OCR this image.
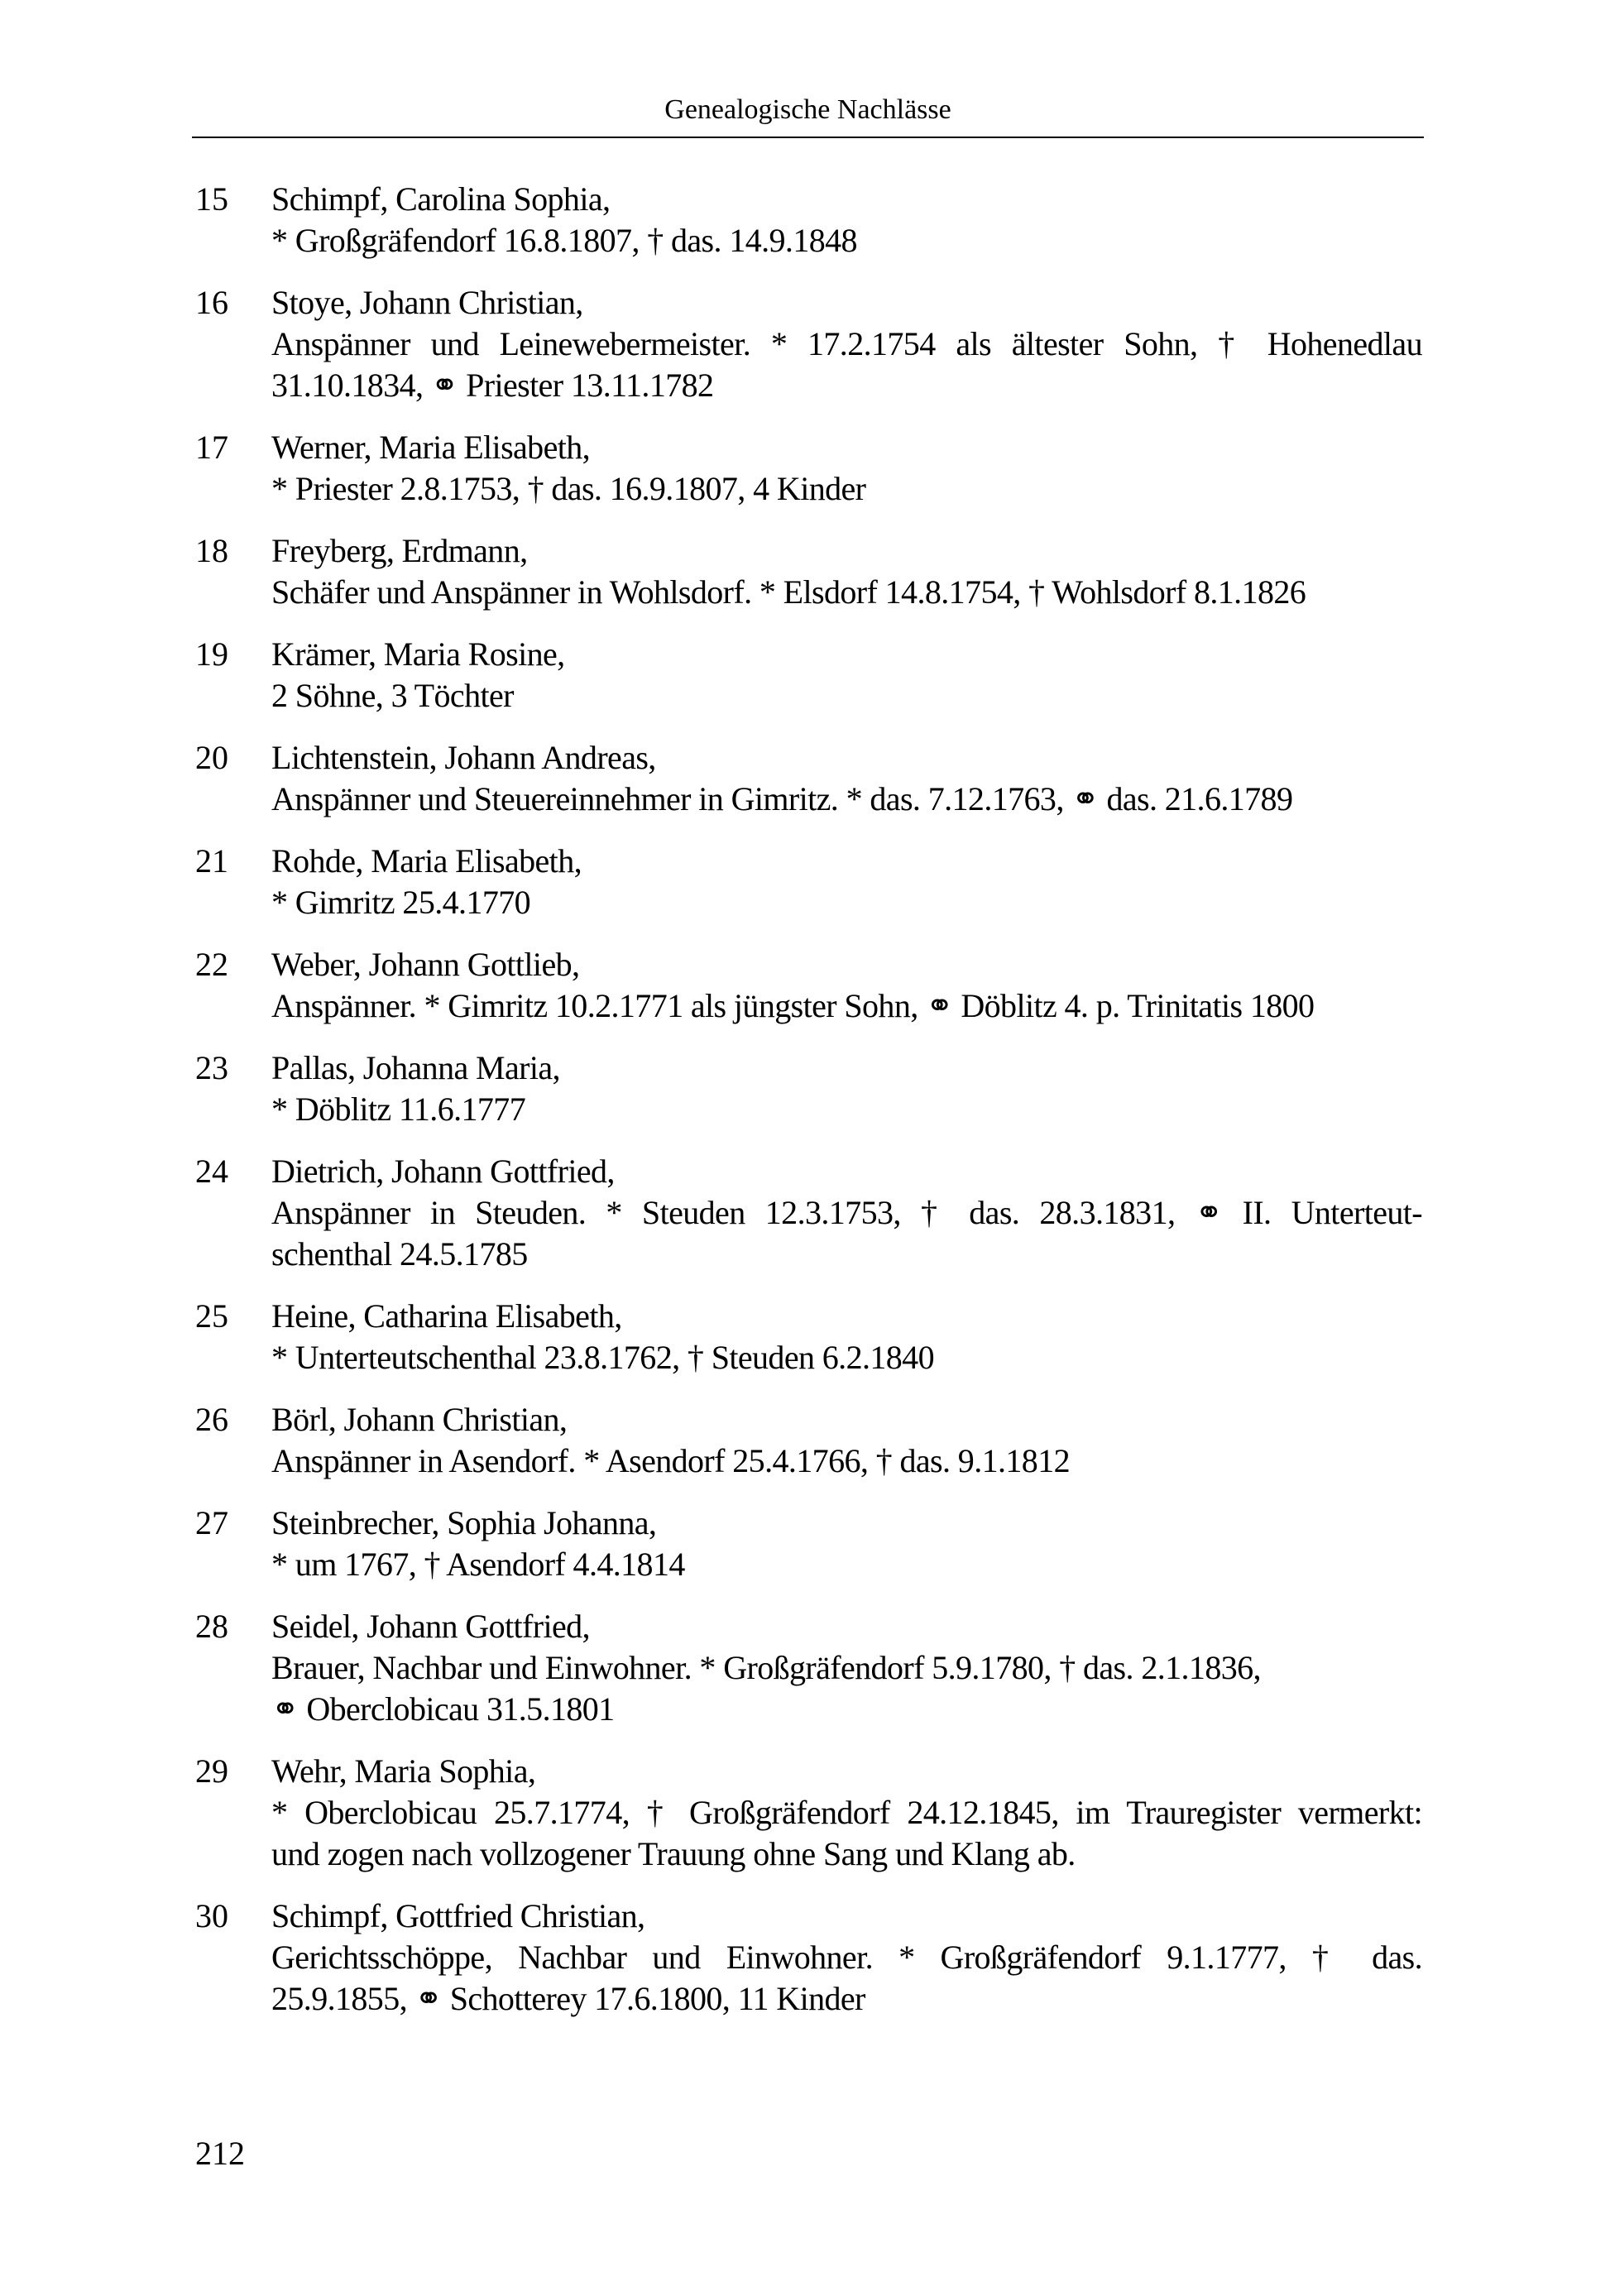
Genealogische Nachlässe
15	Schimpf, Carolina Sophia,
* Großgräfendorf 16.8.1807, † das. 14.9.1848
16	Stoye, Johann Christian,
Anspänner und Leinewebermeister. * 17.2.1754 als ältester Sohn, † Hohenedlau
31.10.1834, ⚭ Priester 13.11.1782
17	Werner, Maria Elisabeth,
* Priester 2.8.1753, † das. 16.9.1807, 4 Kinder
18	Freyberg, Erdmann,
Schäfer und Anspänner in Wohlsdorf. * Elsdorf 14.8.1754, † Wohlsdorf 8.1.1826
19	Krämer, Maria Rosine,
2 Söhne, 3 Töchter
20	Lichtenstein, Johann Andreas,
Anspänner und Steuereinnehmer in Gimritz. * das. 7.12.1763, ⚭ das. 21.6.1789
21	Rohde, Maria Elisabeth,
* Gimritz 25.4.1770
22	Weber, Johann Gottlieb,
Anspänner. * Gimritz 10.2.1771 als jüngster Sohn, ⚭ Döblitz 4. p. Trinitatis 1800
23	Pallas, Johanna Maria,
* Döblitz 11.6.1777
24	Dietrich, Johann Gottfried,
Anspänner in Steuden. * Steuden 12.3.1753, † das. 28.3.1831, ⚭ II. Unterteut-
schenthal 24.5.1785
25	Heine, Catharina Elisabeth,
* Unterteutschenthal 23.8.1762, † Steuden 6.2.1840
26	Börl, Johann Christian,
Anspänner in Asendorf. * Asendorf 25.4.1766, † das. 9.1.1812
27	Steinbrecher, Sophia Johanna,
* um 1767, † Asendorf 4.4.1814
28	Seidel, Johann Gottfried,
Brauer, Nachbar und Einwohner. * Großgräfendorf 5.9.1780, † das. 2.1.1836,
⚭ Oberclobicau 31.5.1801
29	Wehr, Maria Sophia,
* Oberclobicau 25.7.1774, † Großgräfendorf 24.12.1845, im Trauregister vermerkt:
und zogen nach vollzogener Trauung ohne Sang und Klang ab.
30	Schimpf, Gottfried Christian,
Gerichtsschöppe, Nachbar und Einwohner. * Großgräfendorf 9.1.1777, † das.
25.9.1855, ⚭ Schotterey 17.6.1800, 11 Kinder
212
